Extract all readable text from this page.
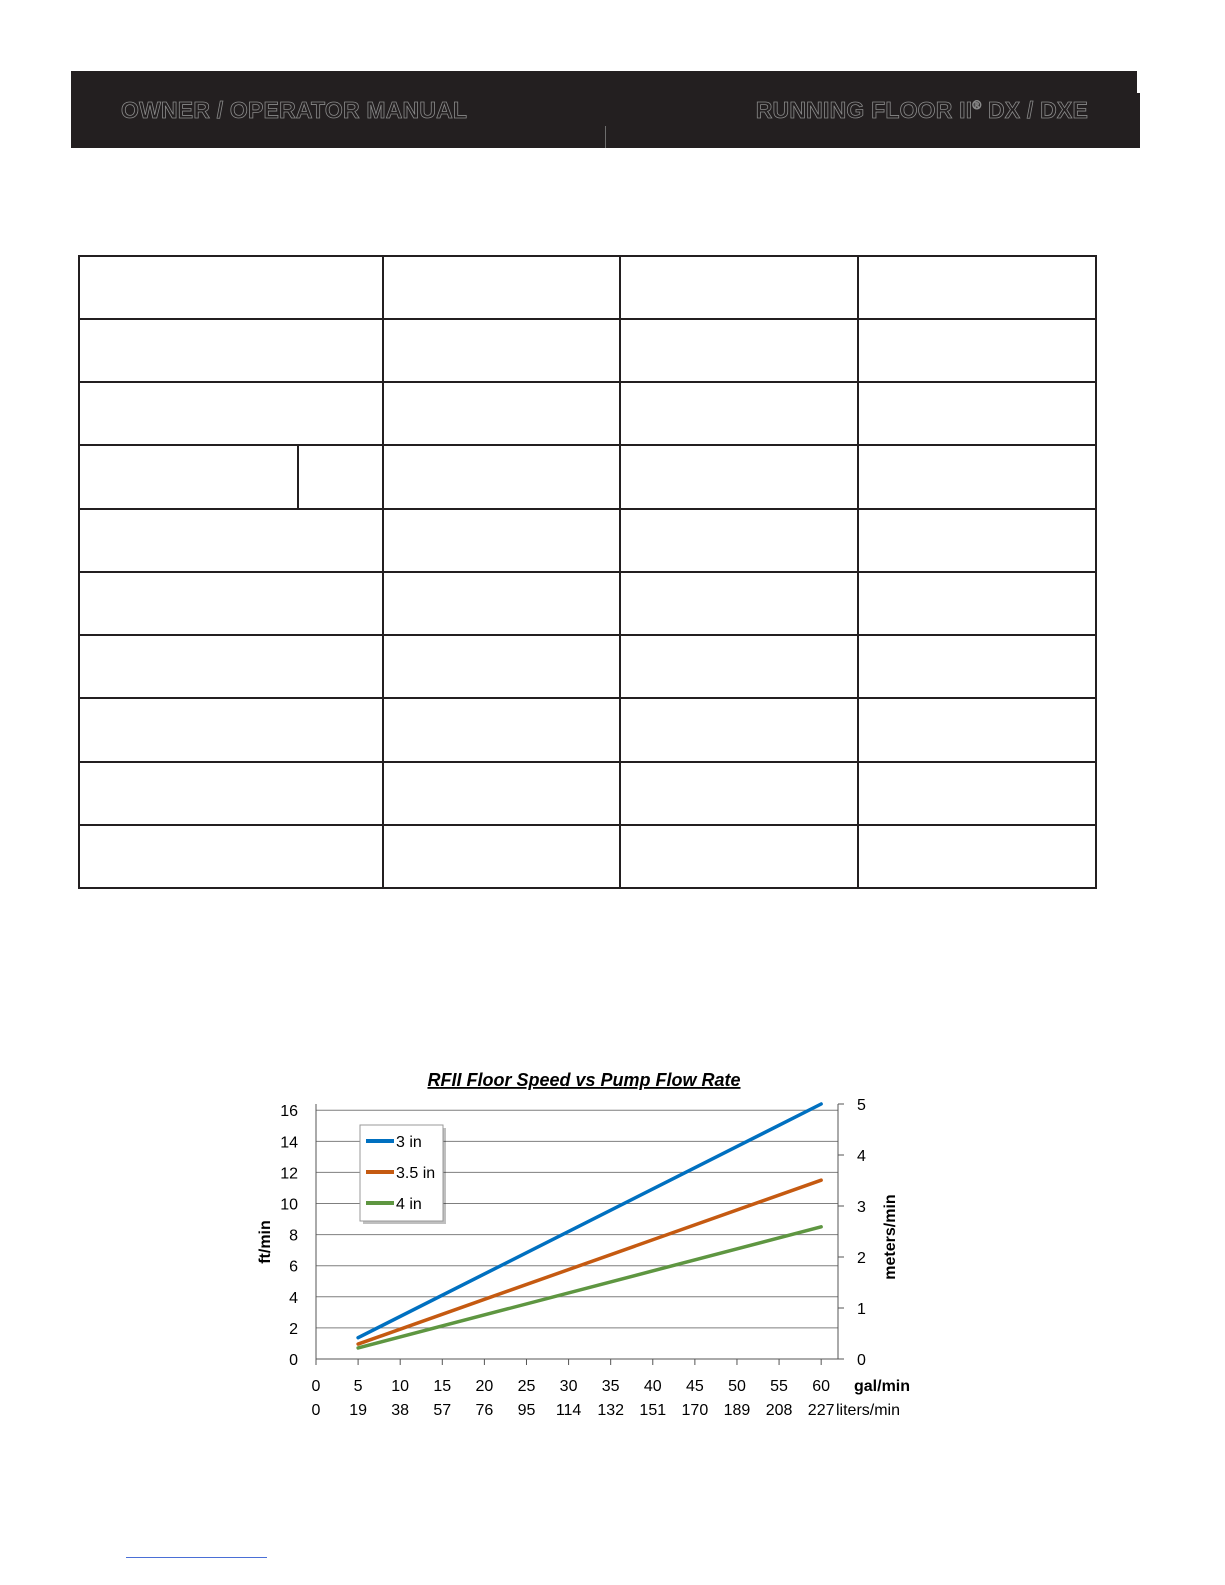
OWNER / OPERATOR MANUAL	RUNNING FLOOR II® DX / DXE
0
2
4
6
8
10
12
14
16
0
1
2
3
4
5
0
0
5
19
10
38
15
57
20
76
25
95
30
114
35
132
40
151
45
170
50
189
55
208
60
227
gal/min
liters/min
ft/min	meters/min
RFII Floor Speed vs Pump Flow Rate
3 in
3.5 in
4 in
